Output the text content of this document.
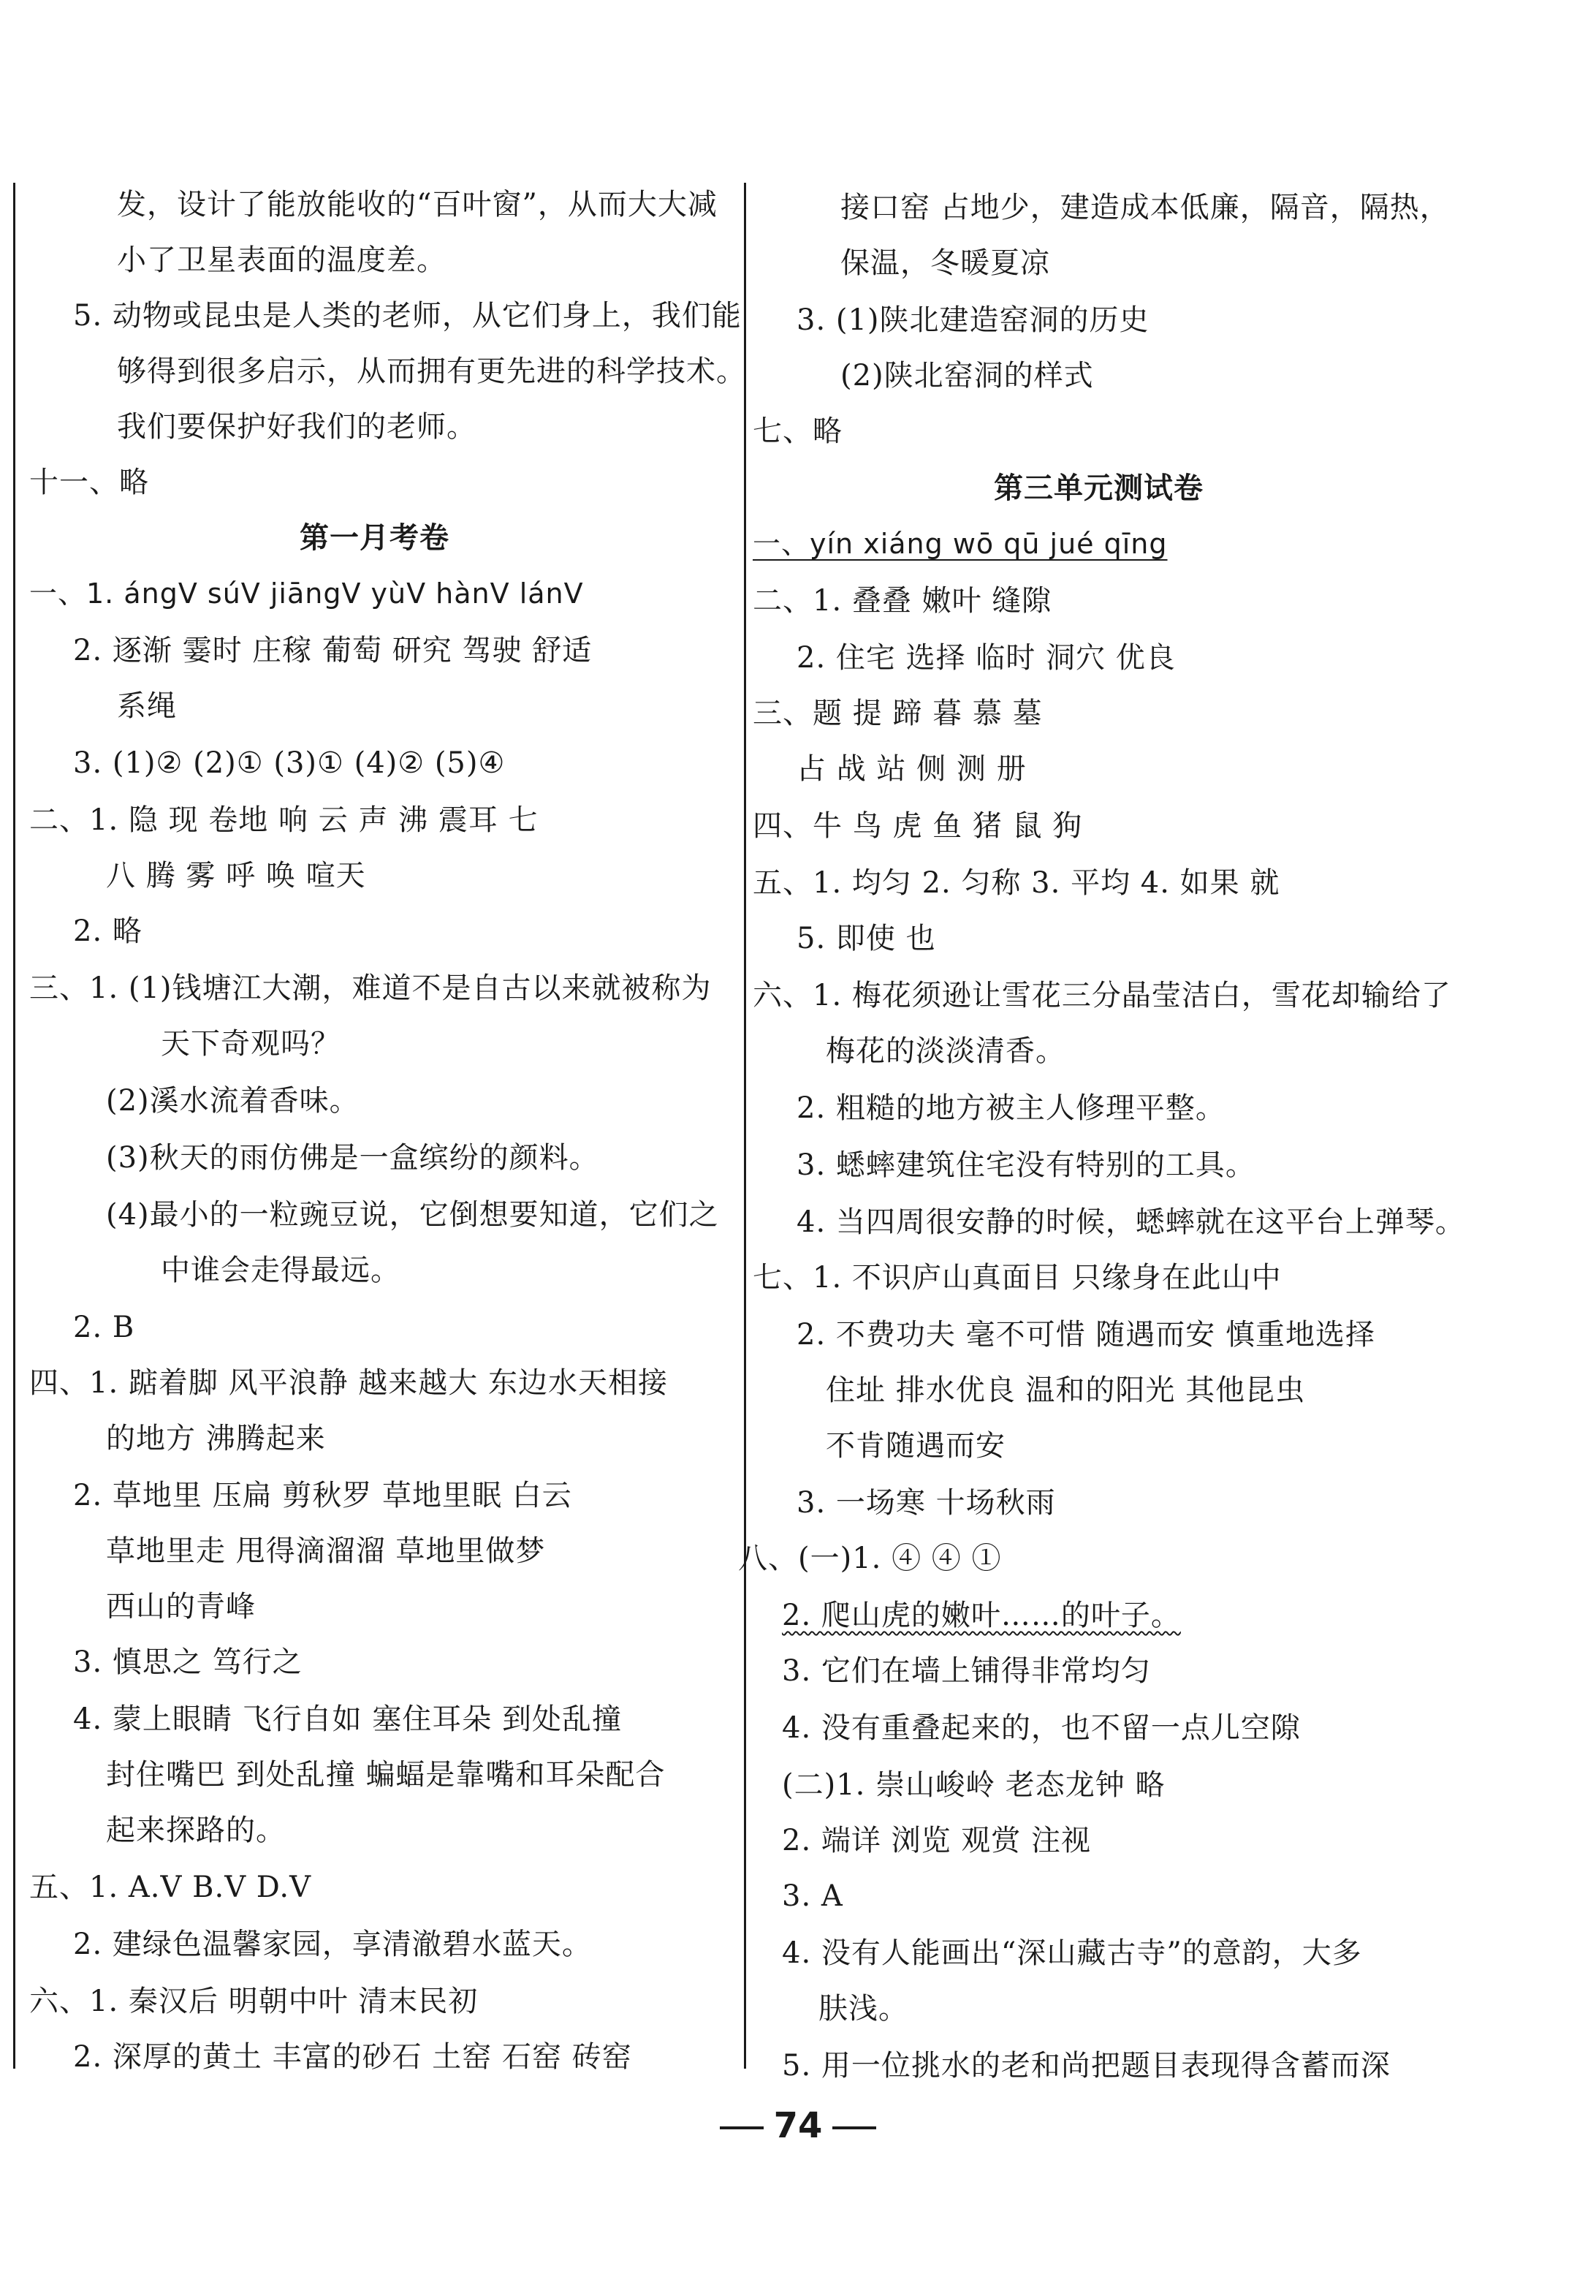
发，设计了能放能收的“百叶窗”，从而大大减
小了卫星表面的温度差。
5. 动物或昆虫是人类的老师，从它们身上，我们能
够得到很多启示，从而拥有更先进的科学技术。
我们要保护好我们的老师。
十一、略
第一月考卷
一、1. ángV súV jiāngV yùV hànV lánV
2. 逐渐 霎时 庄稼 葡萄 研究 驾驶 舒适
系绳
3. (1)② (2)① (3)① (4)② (5)④
二、1. 隐 现 卷地 响 云 声 沸 震耳 七
八 腾 雾 呼 唤 喧天
2. 略
三、1. (1)钱塘江大潮，难道不是自古以来就被称为
天下奇观吗？
(2)溪水流着香味。
(3)秋天的雨仿佛是一盒缤纷的颜料。
(4)最小的一粒豌豆说，它倒想要知道，它们之
中谁会走得最远。
2. B
四、1. 踮着脚 风平浪静 越来越大 东边水天相接
的地方 沸腾起来
2. 草地里 压扁 剪秋罗 草地里眠 白云
草地里走 甩得滴溜溜 草地里做梦
西山的青峰
3. 慎思之 笃行之
4. 蒙上眼睛 飞行自如 塞住耳朵 到处乱撞
封住嘴巴 到处乱撞 蝙蝠是靠嘴和耳朵配合
起来探路的。
五、1. A.V B.V D.V
2. 建绿色温馨家园，享清澈碧水蓝天。
六、1. 秦汉后 明朝中叶 清末民初
2. 深厚的黄土 丰富的砂石 土窑 石窑 砖窑
接口窑 占地少，建造成本低廉，隔音，隔热，
保温，冬暖夏凉
3. (1)陕北建造窑洞的历史
(2)陕北窑洞的样式
七、略
第三单元测试卷
一、yín xiáng wō qū jué qīng
二、1. 叠叠 嫩叶 缝隙
2. 住宅 选择 临时 洞穴 优良
三、题 提 蹄 暮 慕 墓
占 战 站 侧 测 册
四、牛 鸟 虎 鱼 猪 鼠 狗
五、1. 均匀 2. 匀称 3. 平均 4. 如果 就
5. 即使 也
六、1. 梅花须逊让雪花三分晶莹洁白，雪花却输给了
梅花的淡淡清香。
2. 粗糙的地方被主人修理平整。
3. 蟋蟀建筑住宅没有特别的工具。
4. 当四周很安静的时候，蟋蟀就在这平台上弹琴。
七、1. 不识庐山真面目 只缘身在此山中
2. 不费功夫 毫不可惜 随遇而安 慎重地选择
住址 排水优良 温和的阳光 其他昆虫
不肯随遇而安
3. 一场寒 十场秋雨
八、(一)1. ④ ④ ①
2. 爬山虎的嫩叶……的叶子。
3. 它们在墙上铺得非常均匀
4. 没有重叠起来的，也不留一点儿空隙
(二)1. 崇山峻岭 老态龙钟 略
2. 端详 浏览 观赏 注视
3. A
4. 没有人能画出“深山藏古寺”的意韵，大多
肤浅。
5. 用一位挑水的老和尚把题目表现得含蓄而深
74
